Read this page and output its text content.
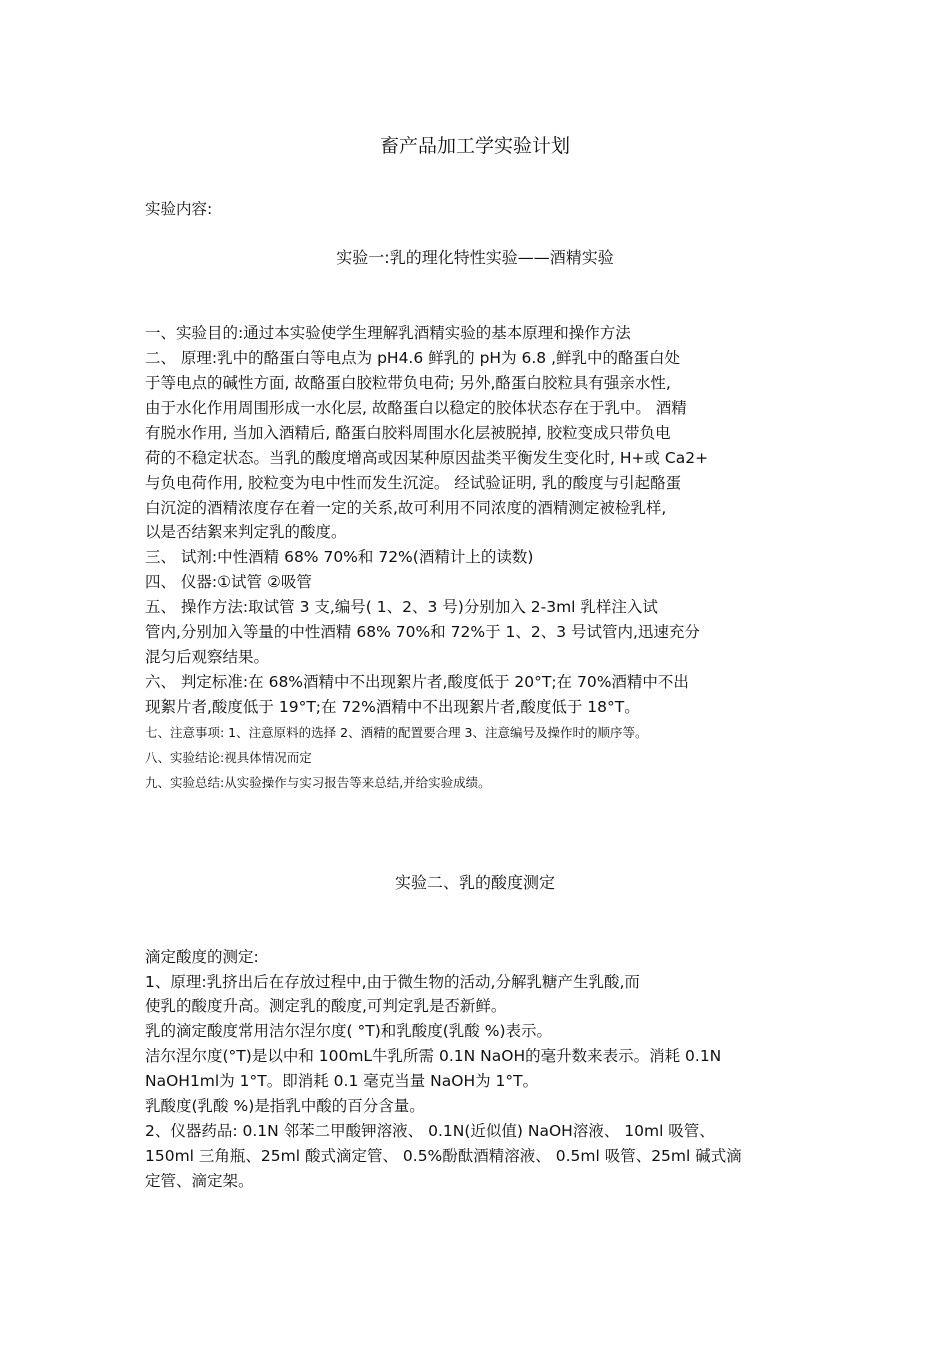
畜产品加工学实验计划
实验内容:
实验一:乳的理化特性实验——酒精实验
一、实验目的:通过本实验使学生理解乳酒精实验的基本原理和操作方法
二、 原理:乳中的酪蛋白等电点为 pH4.6 鲜乳的 pH为 6.8 ,鲜乳中的酪蛋白处
于等电点的碱性方面, 故酪蛋白胶粒带负电荷; 另外,酪蛋白胶粒具有强亲水性,
由于水化作用周围形成一水化层, 故酪蛋白以稳定的胶体状态存在于乳中。 酒精
有脱水作用, 当加入酒精后, 酪蛋白胶料周围水化层被脱掉, 胶粒变成只带负电
荷的不稳定状态。当乳的酸度增高或因某种原因盐类平衡发生变化时, H+或 Ca2+
与负电荷作用, 胶粒变为电中性而发生沉淀。 经试验证明, 乳的酸度与引起酪蛋
白沉淀的酒精浓度存在着一定的关系,故可利用不同浓度的酒精测定被检乳样,
以是否结絮来判定乳的酸度。
三、 试剂:中性酒精 68% 70%和 72%(酒精计上的读数)
四、 仪器:①试管 ②吸管
五、 操作方法:取试管 3 支,编号( 1、2、3 号)分别加入 2-3ml 乳样注入试
管内,分别加入等量的中性酒精 68% 70%和 72%于 1、2、3 号试管内,迅速充分
混匀后观察结果。
六、 判定标准:在 68%酒精中不出现絮片者,酸度低于 20°T;在 70%酒精中不出
现絮片者,酸度低于 19°T;在 72%酒精中不出现絮片者,酸度低于 18°T。
七、注意事项: 1、注意原料的选择 2、酒精的配置要合理 3、注意编号及操作时的顺序等。
八、实验结论:视具体情况而定
九、实验总结:从实验操作与实习报告等来总结,并给实验成绩。
实验二、乳的酸度测定
滴定酸度的测定:
1、原理:乳挤出后在存放过程中,由于微生物的活动,分解乳糖产生乳酸,而
使乳的酸度升高。测定乳的酸度,可判定乳是否新鲜。
乳的滴定酸度常用洁尔涅尔度( °T)和乳酸度(乳酸 %)表示。
洁尔涅尔度(°T)是以中和 100mL牛乳所需 0.1N NaOH的毫升数来表示。消耗 0.1N
NaOH1ml为 1°T。即消耗 0.1 毫克当量 NaOH为 1°T。
乳酸度(乳酸 %)是指乳中酸的百分含量。
2、仪器药品: 0.1N 邻苯二甲酸钾溶液、 0.1N(近似值) NaOH溶液、 10ml 吸管、
150ml 三角瓶、25ml 酸式滴定管、 0.5%酚酞酒精溶液、 0.5ml 吸管、25ml 碱式滴
定管、滴定架。
